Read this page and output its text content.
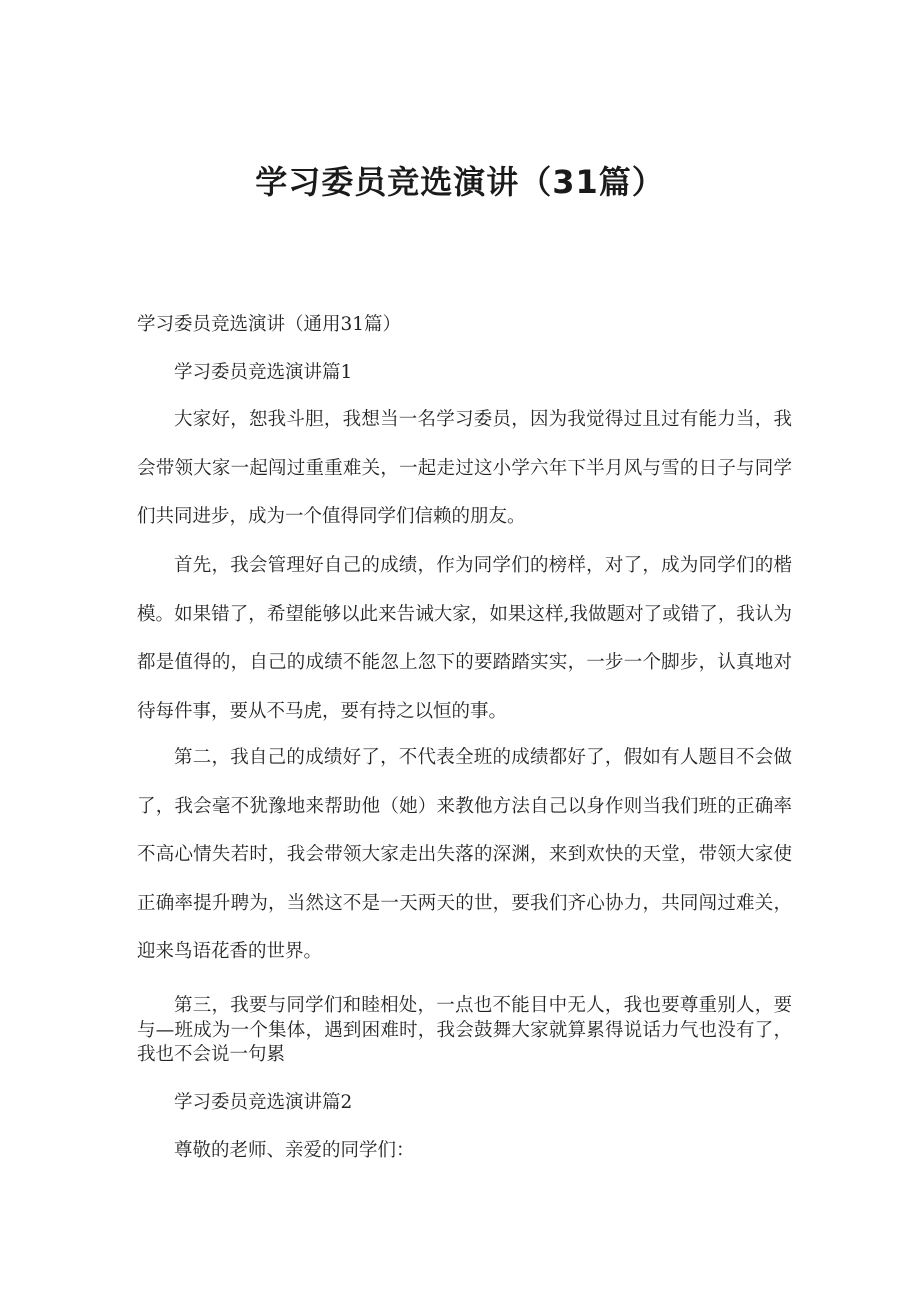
学习委员竞选演讲（31篇）

学习委员竞选演讲（通用31篇）

学习委员竞选演讲篇1

大家好，恕我斗胆，我想当一名学习委员，因为我觉得过且过有能力当，我会带领大家一起闯过重重难关，一起走过这小学六年下半月风与雪的日子与同学们共同进步，成为一个值得同学们信赖的朋友。

首先，我会管理好自己的成绩，作为同学们的榜样，对了，成为同学们的楷模。如果错了，希望能够以此来告诫大家，如果这样,我做题对了或错了，我认为都是值得的，自己的成绩不能忽上忽下的要踏踏实实，一步一个脚步，认真地对待每件事，要从不马虎，要有持之以恒的事。

第二，我自己的成绩好了，不代表全班的成绩都好了，假如有人题目不会做了，我会毫不犹豫地来帮助他（她）来教他方法自己以身作则当我们班的正确率不高心情失若时，我会带领大家走出失落的深渊，来到欢快的天堂，带领大家使正确率提升聘为，当然这不是一天两天的世，要我们齐心协力，共同闯过难关，迎来鸟语花香的世界。

第三，我要与同学们和睦相处，一点也不能目中无人，我也要尊重别人，要与—班成为一个集体，遇到困难时，我会鼓舞大家就算累得说话力气也没有了，我也不会说一句累

学习委员竞选演讲篇2

尊敬的老师、亲爱的同学们：
